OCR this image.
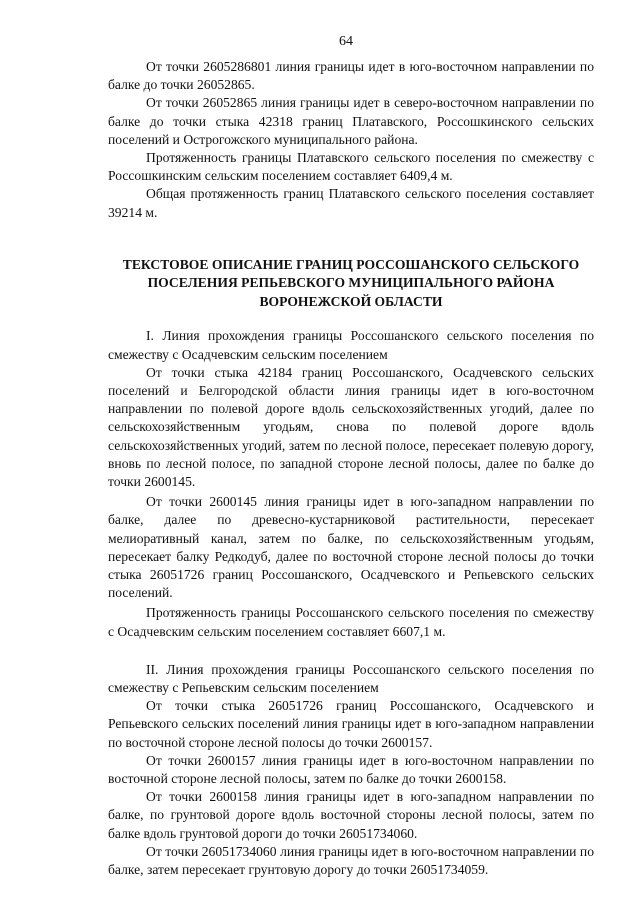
64

От точки 2605286801 линия границы идет в юго-восточном направлении по балке до точки 26052865.

От точки 26052865 линия границы идет в северо-восточном направлении по балке до точки стыка 42318 границ Платавского, Россошкинского сельских поселений и Острогожского муниципального района.

Протяженность границы Платавского сельского поселения по смежеству с Россошкинским сельским поселением составляет 6409,4 м.

Общая протяженность границ Платавского сельского поселения составляет 39214 м.

ТЕКСТОВОЕ ОПИСАНИЕ ГРАНИЦ РОССОШАНСКОГО СЕЛЬСКОГО ПОСЕЛЕНИЯ РЕПЬЕВСКОГО МУНИЦИПАЛЬНОГО РАЙОНА ВОРОНЕЖСКОЙ ОБЛАСТИ

I. Линия прохождения границы Россошанского сельского поселения по смежеству с Осадчевским сельским поселением

От точки стыка 42184 границ Россошанского, Осадчевского сельских поселений и Белгородской области линия границы идет в юго-восточном направлении по полевой дороге вдоль сельскохозяйственных угодий, далее по сельскохозяйственным угодьям, снова по полевой дороге вдоль сельскохозяйственных угодий, затем по лесной полосе, пересекает полевую дорогу, вновь по лесной полосе, по западной стороне лесной полосы, далее по балке до точки 2600145.

От точки 2600145 линия границы идет в юго-западном направлении по балке, далее по древесно-кустарниковой растительности, пересекает мелиоративный канал, затем по балке, по сельскохозяйственным угодьям, пересекает балку Редкодуб, далее по восточной стороне лесной полосы до точки стыка 26051726 границ Россошанского, Осадчевского и Репьевского сельских поселений.

Протяженность границы Россошанского сельского поселения по смежеству с Осадчевским сельским поселением составляет 6607,1 м.

II. Линия прохождения границы Россошанского сельского поселения по смежеству с Репьевским сельским поселением

От точки стыка 26051726 границ Россошанского, Осадчевского и Репьевского сельских поселений линия границы идет в юго-западном направлении по восточной стороне лесной полосы до точки 2600157.

От точки 2600157 линия границы идет в юго-восточном направлении по восточной стороне лесной полосы, затем по балке до точки 2600158.

От точки 2600158 линия границы идет в юго-западном направлении по балке, по грунтовой дороге вдоль восточной стороны лесной полосы, затем по балке вдоль грунтовой дороги до точки 26051734060.

От точки 26051734060 линия границы идет в юго-восточном направлении по балке, затем пересекает грунтовую дорогу до точки 26051734059.
